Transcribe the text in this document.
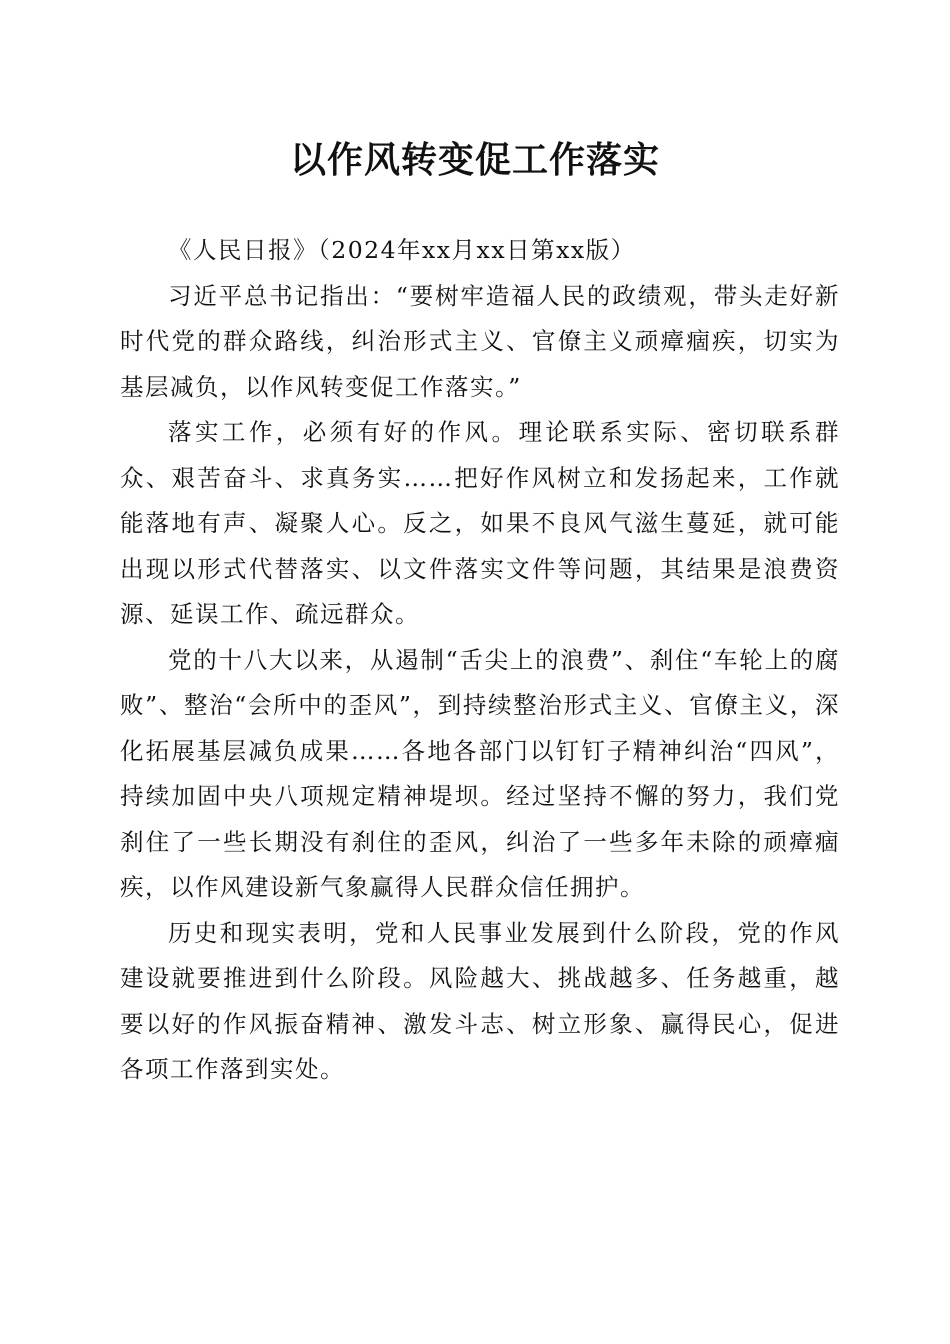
以作风转变促工作落实

《人民日报》（2024年xx月xx日第xx版）

习近平总书记指出：“要树牢造福人民的政绩观，带头走好新时代党的群众路线，纠治形式主义、官僚主义顽瘴痼疾，切实为基层减负，以作风转变促工作落实。”

落实工作，必须有好的作风。理论联系实际、密切联系群众、艰苦奋斗、求真务实……把好作风树立和发扬起来，工作就能落地有声、凝聚人心。反之，如果不良风气滋生蔓延，就可能出现以形式代替落实、以文件落实文件等问题，其结果是浪费资源、延误工作、疏远群众。

党的十八大以来，从遏制“舌尖上的浪费”、刹住“车轮上的腐败”、整治“会所中的歪风”，到持续整治形式主义、官僚主义，深化拓展基层减负成果……各地各部门以钉钉子精神纠治“四风”，持续加固中央八项规定精神堤坝。经过坚持不懈的努力，我们党刹住了一些长期没有刹住的歪风，纠治了一些多年未除的顽瘴痼疾，以作风建设新气象赢得人民群众信任拥护。

历史和现实表明，党和人民事业发展到什么阶段，党的作风建设就要推进到什么阶段。风险越大、挑战越多、任务越重，越要以好的作风振奋精神、激发斗志、树立形象、赢得民心，促进各项工作落到实处。
